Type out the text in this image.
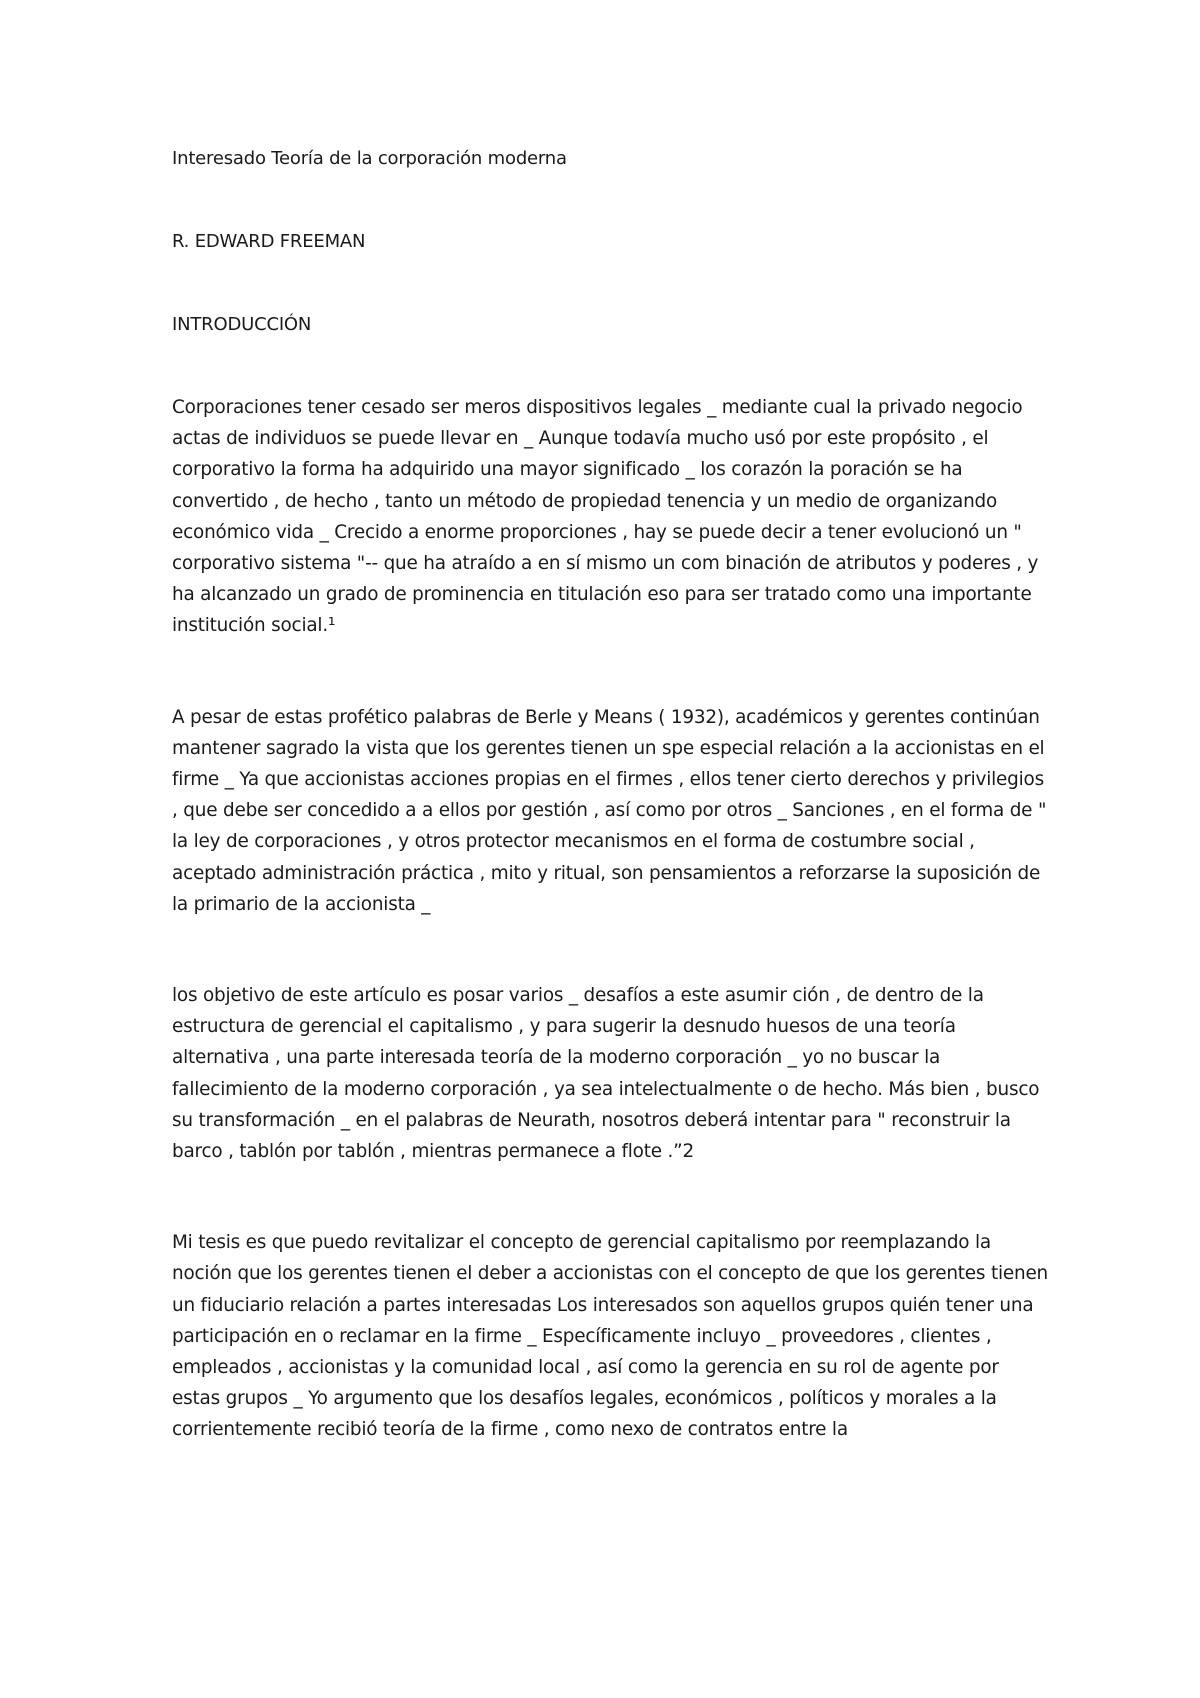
Interesado Teoría de la corporación moderna

R. EDWARD FREEMAN

INTRODUCCIÓN

Corporaciones tener cesado ser meros dispositivos legales _ mediante cual la privado negocio actas de individuos se puede llevar en _ Aunque todavía mucho usó por este propósito , el corporativo la forma ha adquirido una mayor significado _ los corazón la poración se ha convertido , de hecho , tanto un método de propiedad tenencia y un medio de organizando económico vida _ Crecido a enorme proporciones , hay se puede decir a tener evolucionó un " corporativo sistema "-- que ha atraído a en sí mismo un com binación de atributos y poderes , y ha alcanzado un grado de prominencia en titulación eso para ser tratado como una importante institución social.¹

A pesar de estas profético palabras de Berle y Means ( 1932), académicos y gerentes continúan mantener sagrado la vista que los gerentes tienen un spe especial relación a la accionistas en el firme _ Ya que accionistas acciones propias en el firmes , ellos tener cierto derechos y privilegios , que debe ser concedido a a ellos por gestión , así como por otros _ Sanciones , en el forma de " la ley de corporaciones , y otros protector mecanismos en el forma de costumbre social , aceptado administración práctica , mito y ritual, son pensamientos a reforzarse la suposición de la primario de la accionista _

los objetivo de este artículo es posar varios _ desafíos a este asumir ción , de dentro de la estructura de gerencial el capitalismo , y para sugerir la desnudo huesos de una teoría alternativa , una parte interesada teoría de la moderno corporación _ yo no buscar la fallecimiento de la moderno corporación , ya sea intelectualmente o de hecho. Más bien , busco su transformación _ en el palabras de Neurath, nosotros deberá intentar para " reconstruir la barco , tablón por tablón , mientras permanece a flote .”2

Mi tesis es que puedo revitalizar el concepto de gerencial capitalismo por reemplazando la noción que los gerentes tienen el deber a accionistas con el concepto de que los gerentes tienen un fiduciario relación a partes interesadas Los interesados son aquellos grupos quién tener una participación en o reclamar en la firme _ Específicamente incluyo _ proveedores , clientes , empleados , accionistas y la comunidad local , así como la gerencia en su rol de agente por estas grupos _ Yo argumento que los desafíos legales, económicos , políticos y morales a la corrientemente recibió teoría de la firme , como nexo de contratos entre la
